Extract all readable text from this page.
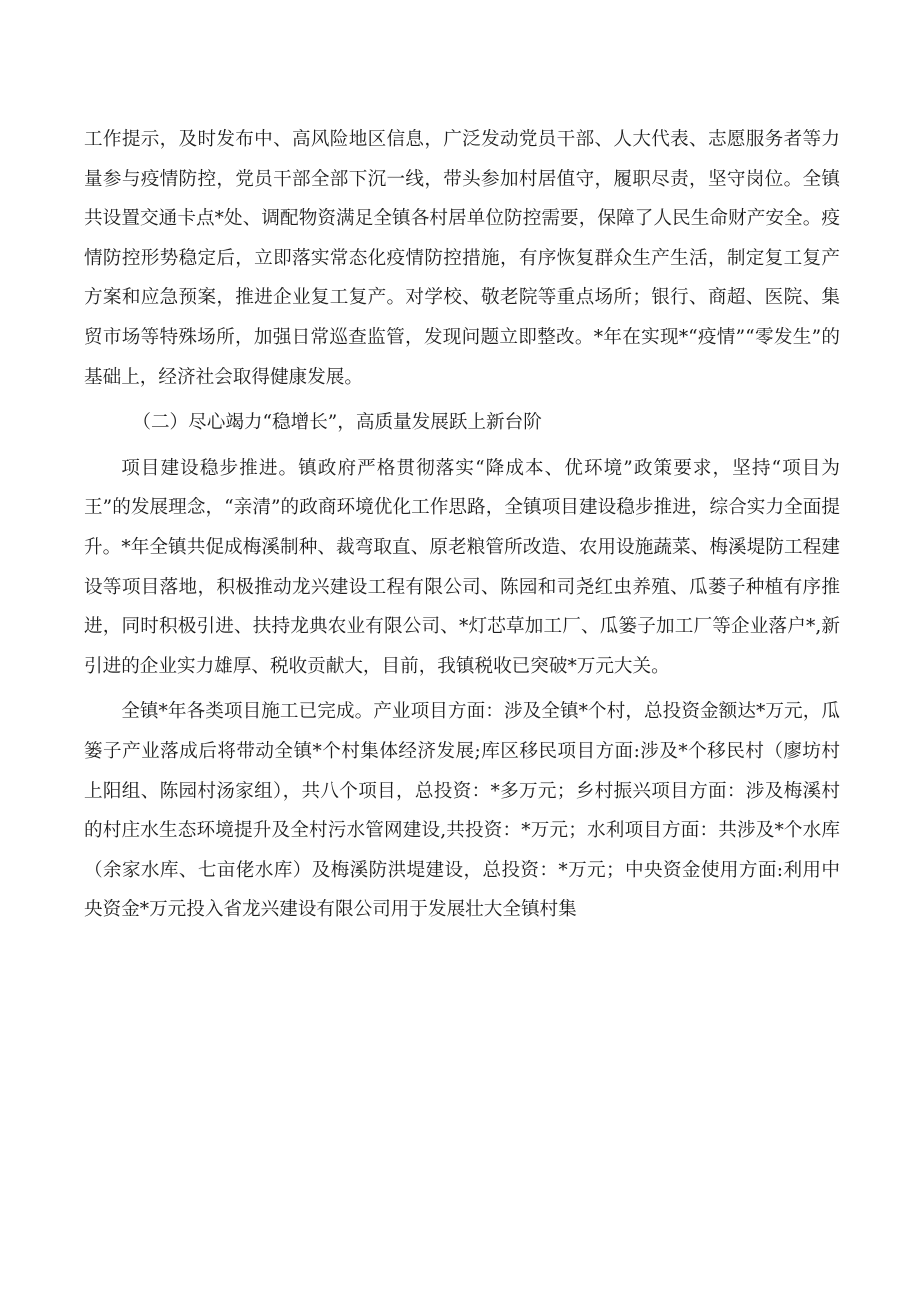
工作提示，及时发布中、高风险地区信息，广泛发动党员干部、人大代表、志愿服务者等力量参与疫情防控，党员干部全部下沉一线，带头参加村居值守，履职尽责，坚守岗位。全镇共设置交通卡点*处、调配物资满足全镇各村居单位防控需要，保障了人民生命财产安全。疫情防控形势稳定后，立即落实常态化疫情防控措施，有序恢复群众生产生活，制定复工复产方案和应急预案，推进企业复工复产。对学校、敬老院等重点场所；银行、商超、医院、集贸市场等特殊场所，加强日常巡查监管，发现问题立即整改。*年在实现*“疫情”“零发生”的基础上，经济社会取得健康发展。

（二）尽心竭力“稳增长”，高质量发展跃上新台阶

项目建设稳步推进。镇政府严格贯彻落实“降成本、优环境”政策要求，坚持“项目为王”的发展理念，“亲清”的政商环境优化工作思路，全镇项目建设稳步推进，综合实力全面提升。*年全镇共促成梅溪制种、裁弯取直、原老粮管所改造、农用设施蔬菜、梅溪堤防工程建设等项目落地，积极推动龙兴建设工程有限公司、陈园和司尧红虫养殖、瓜蒌子种植有序推进，同时积极引进、扶持龙典农业有限公司、*灯芯草加工厂、瓜篓子加工厂等企业落户*,新引进的企业实力雄厚、税收贡献大，目前，我镇税收已突破*万元大关。

全镇*年各类项目施工已完成。产业项目方面：涉及全镇*个村，总投资金额达*万元，瓜篓子产业落成后将带动全镇*个村集体经济发展;库区移民项目方面:涉及*个移民村（廖坊村上阳组、陈园村汤家组），共八个项目，总投资：*多万元；乡村振兴项目方面：涉及梅溪村的村庄水生态环境提升及全村污水管网建设,共投资：*万元；水利项目方面：共涉及*个水库（余家水库、七亩佬水库）及梅溪防洪堤建设，总投资：*万元；中央资金使用方面:利用中央资金*万元投入省龙兴建设有限公司用于发展壮大全镇村集
